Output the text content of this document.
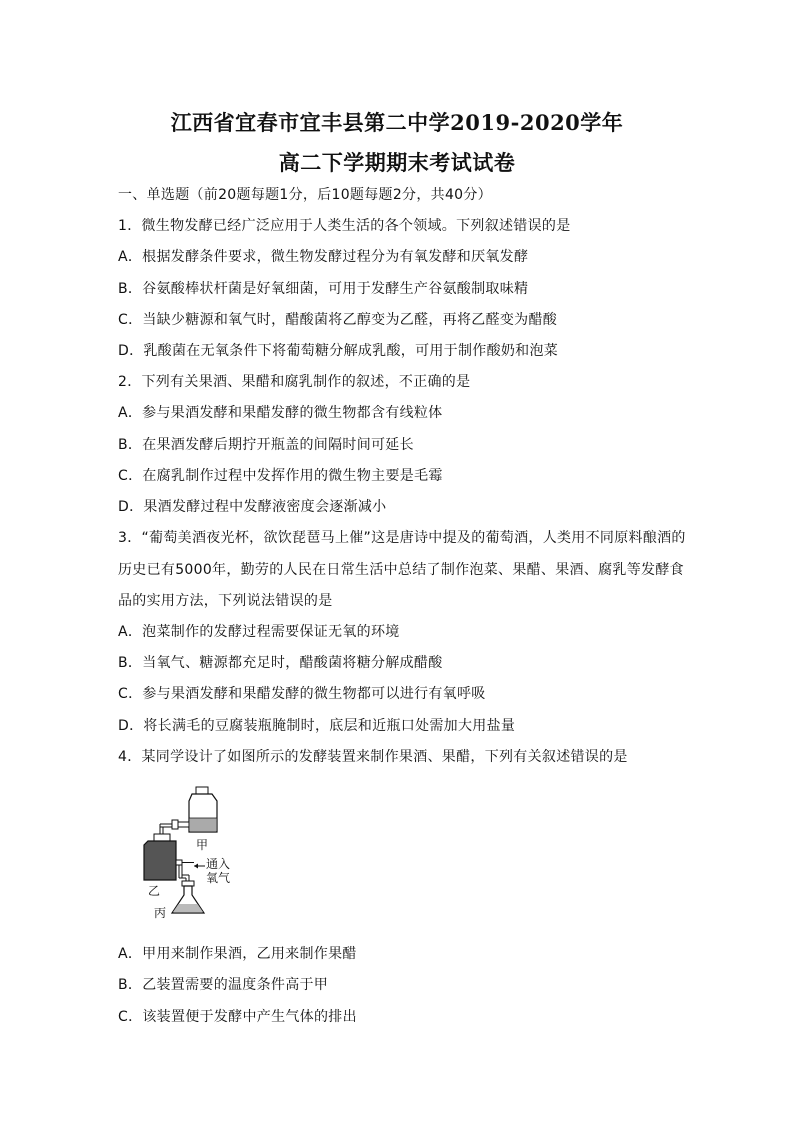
江西省宜春市宜丰县第二中学2019-2020学年
高二下学期期末考试试卷
一、单选题（前20题每题1分，后10题每题2分，共40分）
1．微生物发酵已经广泛应用于人类生活的各个领域。下列叙述错误的是
A．根据发酵条件要求，微生物发酵过程分为有氧发酵和厌氧发酵
B．谷氨酸棒状杆菌是好氧细菌，可用于发酵生产谷氨酸制取味精
C．当缺少糖源和氧气时，醋酸菌将乙醇变为乙醛，再将乙醛变为醋酸
D．乳酸菌在无氧条件下将葡萄糖分解成乳酸，可用于制作酸奶和泡菜
2．下列有关果酒、果醋和腐乳制作的叙述，不正确的是
A．参与果酒发酵和果醋发酵的微生物都含有线粒体
B．在果酒发酵后期拧开瓶盖的间隔时间可延长
C．在腐乳制作过程中发挥作用的微生物主要是毛霉
D．果酒发酵过程中发酵液密度会逐渐减小
3．“葡萄美酒夜光杯，欲饮琵琶马上催”这是唐诗中提及的葡萄酒，人类用不同原料酿酒的
历史已有5000年，勤劳的人民在日常生活中总结了制作泡菜、果醋、果酒、腐乳等发酵食
品的实用方法，下列说法错误的是
A．泡菜制作的发酵过程需要保证无氧的环境
B．当氧气、糖源都充足时，醋酸菌将糖分解成醋酸
C．参与果酒发酵和果醋发酵的微生物都可以进行有氧呼吸
D．将长满毛的豆腐装瓶腌制时，底层和近瓶口处需加大用盐量
4．某同学设计了如图所示的发酵装置来制作果酒、果醋，下列有关叙述错误的是
甲
乙
丙
通入
氧气
A．甲用来制作果酒，乙用来制作果醋
B．乙装置需要的温度条件高于甲
C．该装置便于发酵中产生气体的排出
